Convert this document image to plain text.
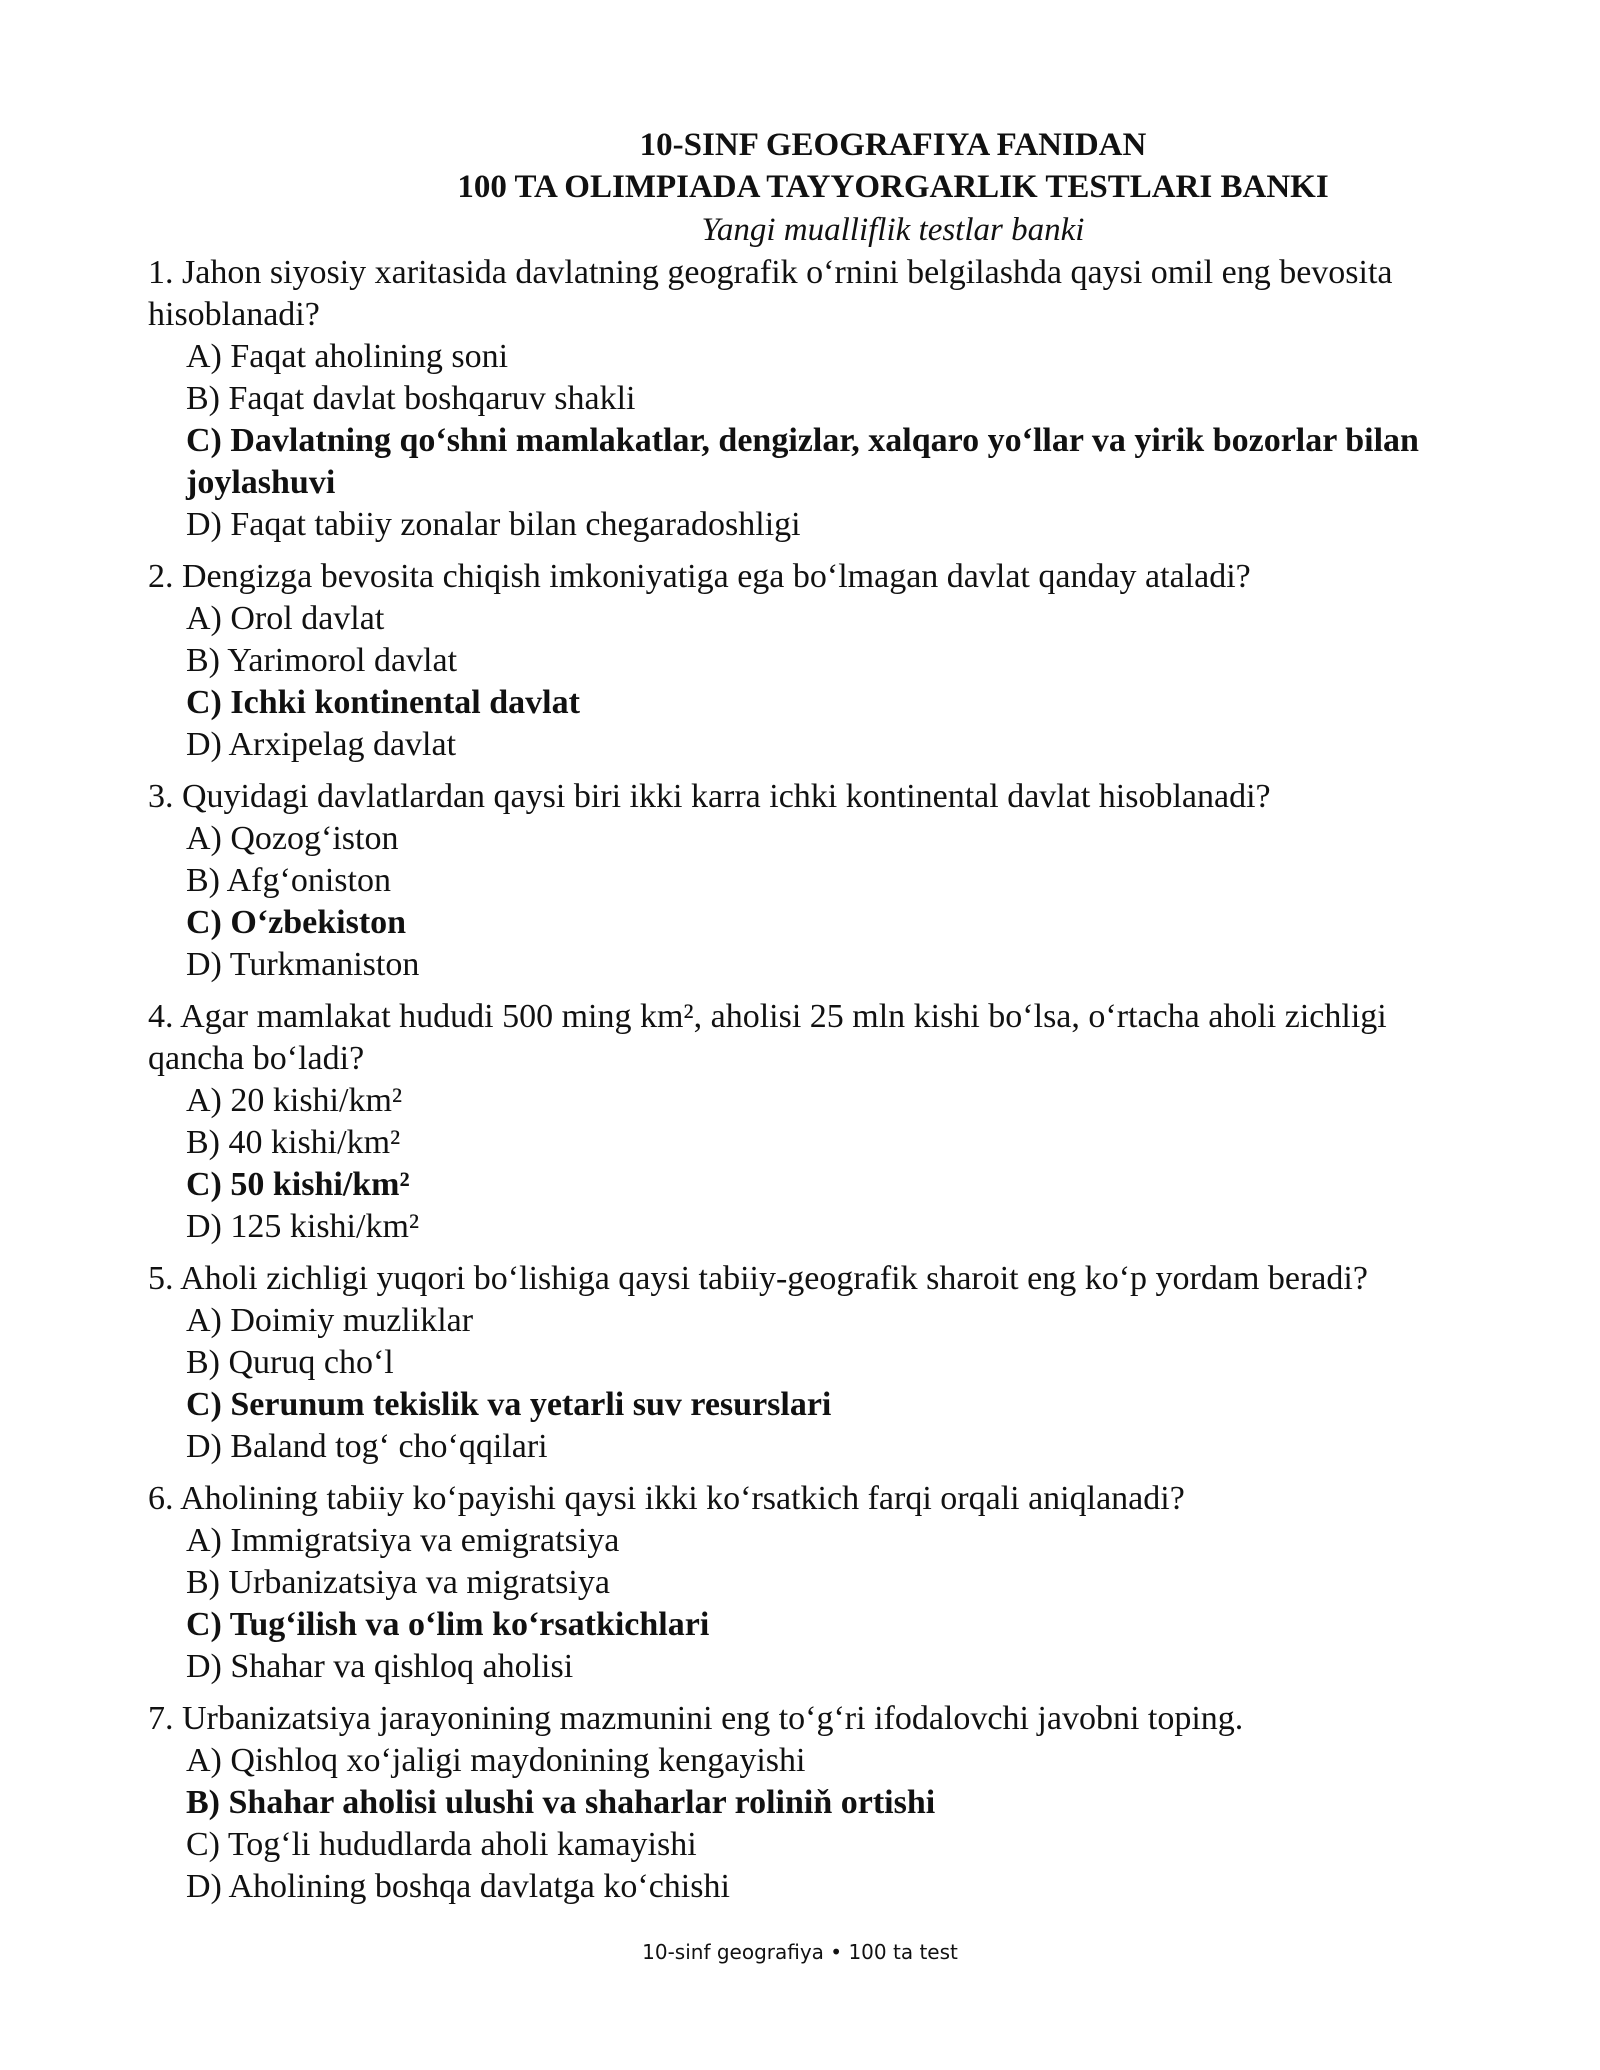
10-SINF GEOGRAFIYA FANIDAN
100 TA OLIMPIADA TAYYORGARLIK TESTLARI BANKI
Yangi mualliflik testlar banki
1. Jahon siyosiy xaritasida davlatning geografik o‘rnini belgilashda qaysi omil eng bevosita hisoblanadi?
A) Faqat aholining soni
B) Faqat davlat boshqaruv shakli
C) Davlatning qo‘shni mamlakatlar, dengizlar, xalqaro yo‘llar va yirik bozorlar bilan joylashuvi
D) Faqat tabiiy zonalar bilan chegaradoshligi
2. Dengizga bevosita chiqish imkoniyatiga ega bo‘lmagan davlat qanday ataladi?
A) Orol davlat
B) Yarimorol davlat
C) Ichki kontinental davlat
D) Arxipelag davlat
3. Quyidagi davlatlardan qaysi biri ikki karra ichki kontinental davlat hisoblanadi?
A) Qozog‘iston
B) Afg‘oniston
C) O‘zbekiston
D) Turkmaniston
4. Agar mamlakat hududi 500 ming km², aholisi 25 mln kishi bo‘lsa, o‘rtacha aholi zichligi qancha bo‘ladi?
A) 20 kishi/km²
B) 40 kishi/km²
C) 50 kishi/km²
D) 125 kishi/km²
5. Aholi zichligi yuqori bo‘lishiga qaysi tabiiy-geografik sharoit eng ko‘p yordam beradi?
A) Doimiy muzliklar
B) Quruq cho‘l
C) Serunum tekislik va yetarli suv resurslari
D) Baland tog‘ cho‘qqilari
6. Aholining tabiiy ko‘payishi qaysi ikki ko‘rsatkich farqi orqali aniqlanadi?
A) Immigratsiya va emigratsiya
B) Urbanizatsiya va migratsiya
C) Tug‘ilish va o‘lim ko‘rsatkichlari
D) Shahar va qishloq aholisi
7. Urbanizatsiya jarayonining mazmunini eng to‘g‘ri ifodalovchi javobni toping.
A) Qishloq xo‘jaligi maydonining kengayishi
B) Shahar aholisi ulushi va shaharlar roliniň ortishi
C) Tog‘li hududlarda aholi kamayishi
D) Aholining boshqa davlatga ko‘chishi
10-sinf geografiya • 100 ta test
